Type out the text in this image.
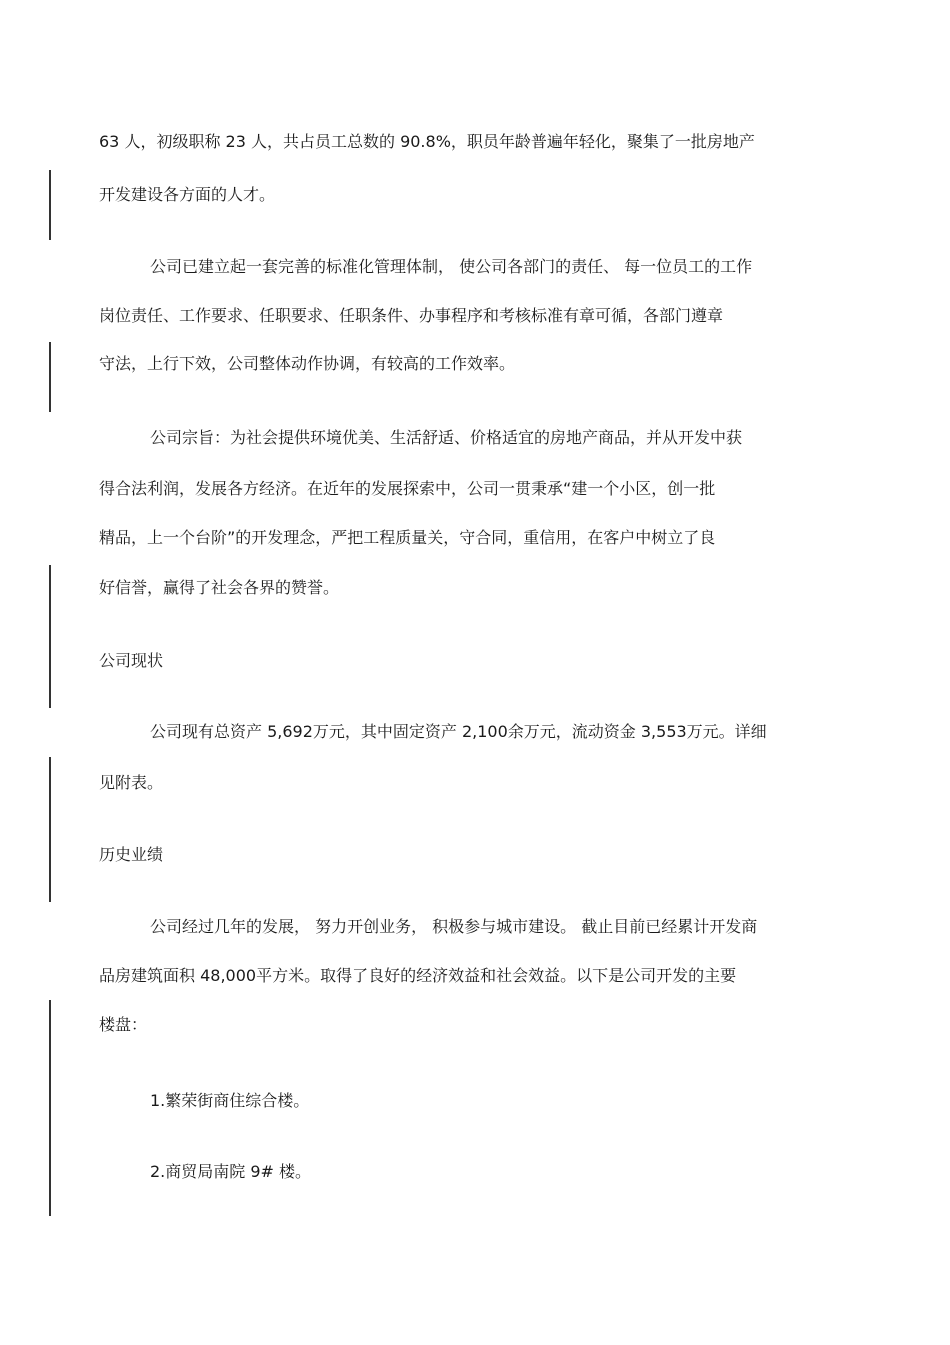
63 人，初级职称 23 人，共占员工总数的 90.8%，职员年龄普遍年轻化，聚集了一批房地产
开发建设各方面的人才。
公司已建立起一套完善的标准化管理体制， 使公司各部门的责任、 每一位员工的工作
岗位责任、工作要求、任职要求、任职条件、办事程序和考核标准有章可循，各部门遵章
守法，上行下效，公司整体动作协调，有较高的工作效率。
公司宗旨：为社会提供环境优美、生活舒适、价格适宜的房地产商品，并从开发中获
得合法利润，发展各方经济。在近年的发展探索中，公司一贯秉承“建一个小区，创一批
精品，上一个台阶”的开发理念，严把工程质量关，守合同，重信用，在客户中树立了良
好信誉，赢得了社会各界的赞誉。
公司现状
公司现有总资产 5,692万元，其中固定资产 2,100余万元，流动资金 3,553万元。详细
见附表。
历史业绩
公司经过几年的发展， 努力开创业务， 积极参与城市建设。 截止目前已经累计开发商
品房建筑面积 48,000平方米。取得了良好的经济效益和社会效益。以下是公司开发的主要
楼盘：
1.繁荣街商住综合楼。
2.商贸局南院 9# 楼。
